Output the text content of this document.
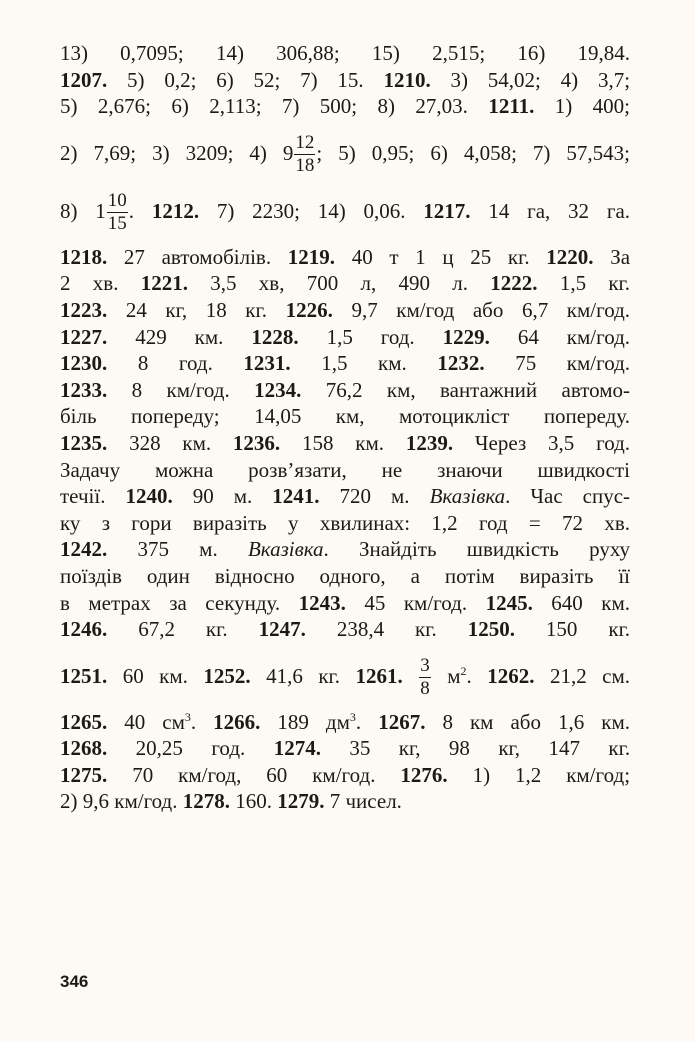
13) 0,7095; 14) 306,88; 15) 2,515; 16) 19,84.
1207. 5) 0,2; 6) 52; 7) 15. 1210. 3) 54,02; 4) 3,7;
5) 2,676; 6) 2,113; 7) 500; 8) 27,03. 1211. 1) 400;
2) 7,69; 3) 3209; 4) $9 \frac{12}{18}$ ; 5) 0,95; 6) 4,058; 7) 57,543;
8) $1 \frac{10}{15}$ . 1212. 7) 2230; 14) 0,06. 1217. 14 га, 32 га.
1218. 27 автомобілів. 1219. 40 т 1 ц 25 кг. 1220. За
2 хв. 1221. 3,5 хв, 700 л, 490 л. 1222. 1,5 кг.
1223. 24 кг, 18 кг. 1226. 9,7 км/год або 6,7 км/год.
1227. 429 км. 1228. 1,5 год. 1229. 64 км/год.
1230. 8 год. 1231. 1,5 км. 1232. 75 км/год.
1233. 8 км/год. 1234. 76,2 км, вантажний автомо-
біль попереду; 14,05 км, мотоцикліст попереду.
1235. 328 км. 1236. 158 км. 1239. Через 3,5 год.
Задачу можна розв’язати, не знаючи швидкості
течії. 1240. 90 м. 1241. 720 м. Вказівка. Час спус-
ку з гори виразіть у хвилинах: 1,2 год = 72 хв.
1242. 375 м. Вказівка. Знайдіть швидкість руху
поїздів один відносно одного, а потім виразіть її
в метрах за секунду. 1243. 45 км/год. 1245. 640 км.
1246. 67,2 кг. 1247. 238,4 кг. 1250. 150 кг.
1251. 60 км. 1252. 41,6 кг. 1261. $\frac{3}{8} м^2$. 1262. 21,2 см.
1265. 40 $см^3$. 1266. 189 $дм^3$. 1267. 8 км або 1,6 км.
1268. 20,25 год. 1274. 35 кг, 98 кг, 147 кг.
1275. 70 км/год, 60 км/год. 1276. 1) 1,2 км/год;
2) 9,6 км/год. 1278. 160. 1279. 7 чисел.
346
